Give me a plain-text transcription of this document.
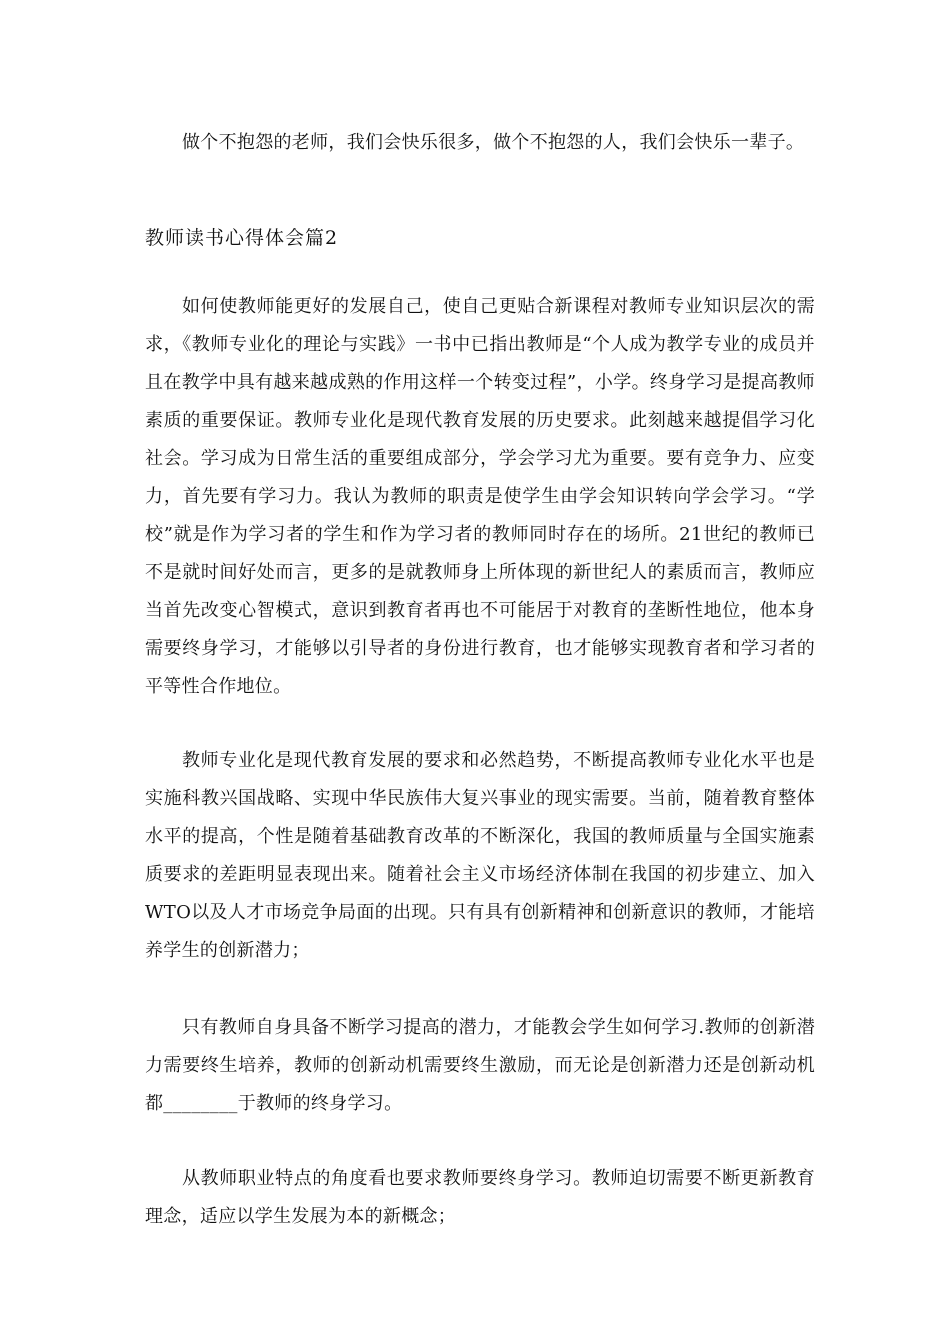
做个不抱怨的老师，我们会快乐很多，做个不抱怨的人，我们会快乐一辈子。

教师读书心得体会篇2

如何使教师能更好的发展自己，使自己更贴合新课程对教师专业知识层次的需求，《教师专业化的理论与实践》一书中已指出教师是“个人成为教学专业的成员并且在教学中具有越来越成熟的作用这样一个转变过程”，小学。终身学习是提高教师素质的重要保证。教师专业化是现代教育发展的历史要求。此刻越来越提倡学习化社会。学习成为日常生活的重要组成部分，学会学习尤为重要。要有竞争力、应变力，首先要有学习力。我认为教师的职责是使学生由学会知识转向学会学习。“学校”就是作为学习者的学生和作为学习者的教师同时存在的场所。21世纪的教师已不是就时间好处而言，更多的是就教师身上所体现的新世纪人的素质而言，教师应当首先改变心智模式，意识到教育者再也不可能居于对教育的垄断性地位，他本身需要终身学习，才能够以引导者的身份进行教育，也才能够实现教育者和学习者的平等性合作地位。

教师专业化是现代教育发展的要求和必然趋势，不断提高教师专业化水平也是实施科教兴国战略、实现中华民族伟大复兴事业的现实需要。当前，随着教育整体水平的提高，个性是随着基础教育改革的不断深化，我国的教师质量与全国实施素质要求的差距明显表现出来。随着社会主义市场经济体制在我国的初步建立、加入WTO以及人才市场竞争局面的出现。只有具有创新精神和创新意识的教师，才能培养学生的创新潜力；

只有教师自身具备不断学习提高的潜力，才能教会学生如何学习.教师的创新潜力需要终生培养，教师的创新动机需要终生激励，而无论是创新潜力还是创新动机都________于教师的终身学习。

从教师职业特点的角度看也要求教师要终身学习。教师迫切需要不断更新教育理念，适应以学生发展为本的新概念；
